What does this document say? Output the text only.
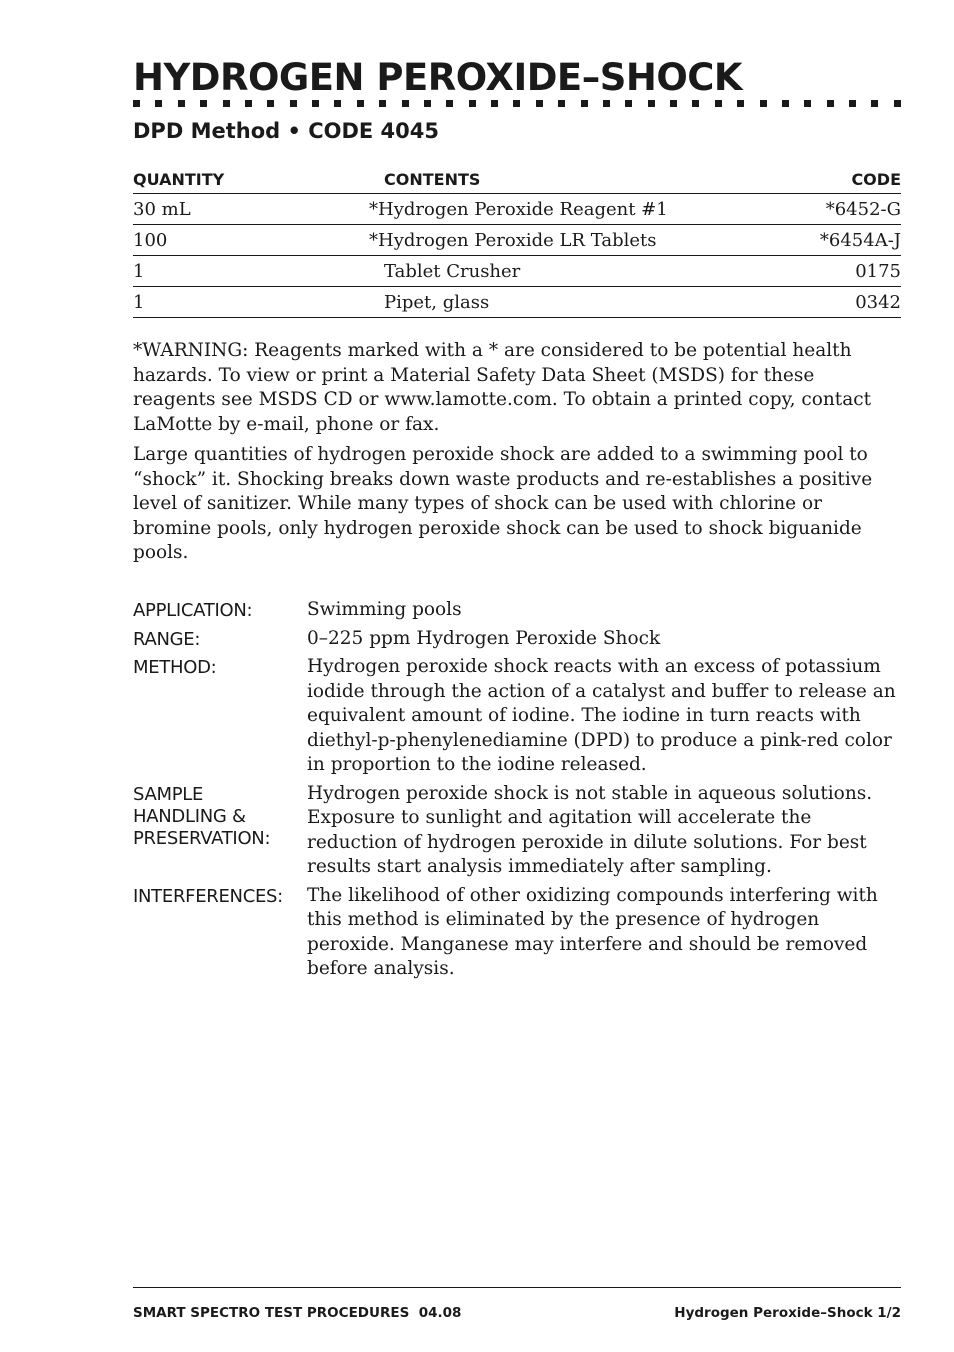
HYDROGEN PEROXIDE–SHOCK
DPD Method • CODE 4045
QUANTITY	CONTENTS	CODE
30 mL	*Hydrogen Peroxide Reagent #1	*6452-G
100	*Hydrogen Peroxide LR Tablets	*6454A-J
1	Tablet Crusher	0175
1	Pipet, glass	0342

*WARNING: Reagents marked with a * are considered to be potential health hazards. To view or print a Material Safety Data Sheet (MSDS) for these reagents see MSDS CD or www.lamotte.com. To obtain a printed copy, contact LaMotte by e-mail, phone or fax.

Large quantities of hydrogen peroxide shock are added to a swimming pool to “shock” it. Shocking breaks down waste products and re-establishes a positive level of sanitizer. While many types of shock can be used with chlorine or bromine pools, only hydrogen peroxide shock can be used to shock biguanide pools.

APPLICATION:	Swimming pools
RANGE:	0–225 ppm Hydrogen Peroxide Shock
METHOD:	Hydrogen peroxide shock reacts with an excess of potassium iodide through the action of a catalyst and buffer to release an equivalent amount of iodine. The iodine in turn reacts with diethyl-p-phenylenediamine (DPD) to produce a pink-red color in proportion to the iodine released.
SAMPLE
HANDLING &
PRESERVATION:
Hydrogen peroxide shock is not stable in aqueous solutions. Exposure to sunlight and agitation will accelerate the reduction of hydrogen peroxide in dilute solutions. For best results start analysis immediately after sampling.
INTERFERENCES:	The likelihood of other oxidizing compounds interfering with this method is eliminated by the presence of hydrogen peroxide. Manganese may interfere and should be removed before analysis.
SMART SPECTRO TEST PROCEDURES  04.08	Hydrogen Peroxide–Shock 1/2
